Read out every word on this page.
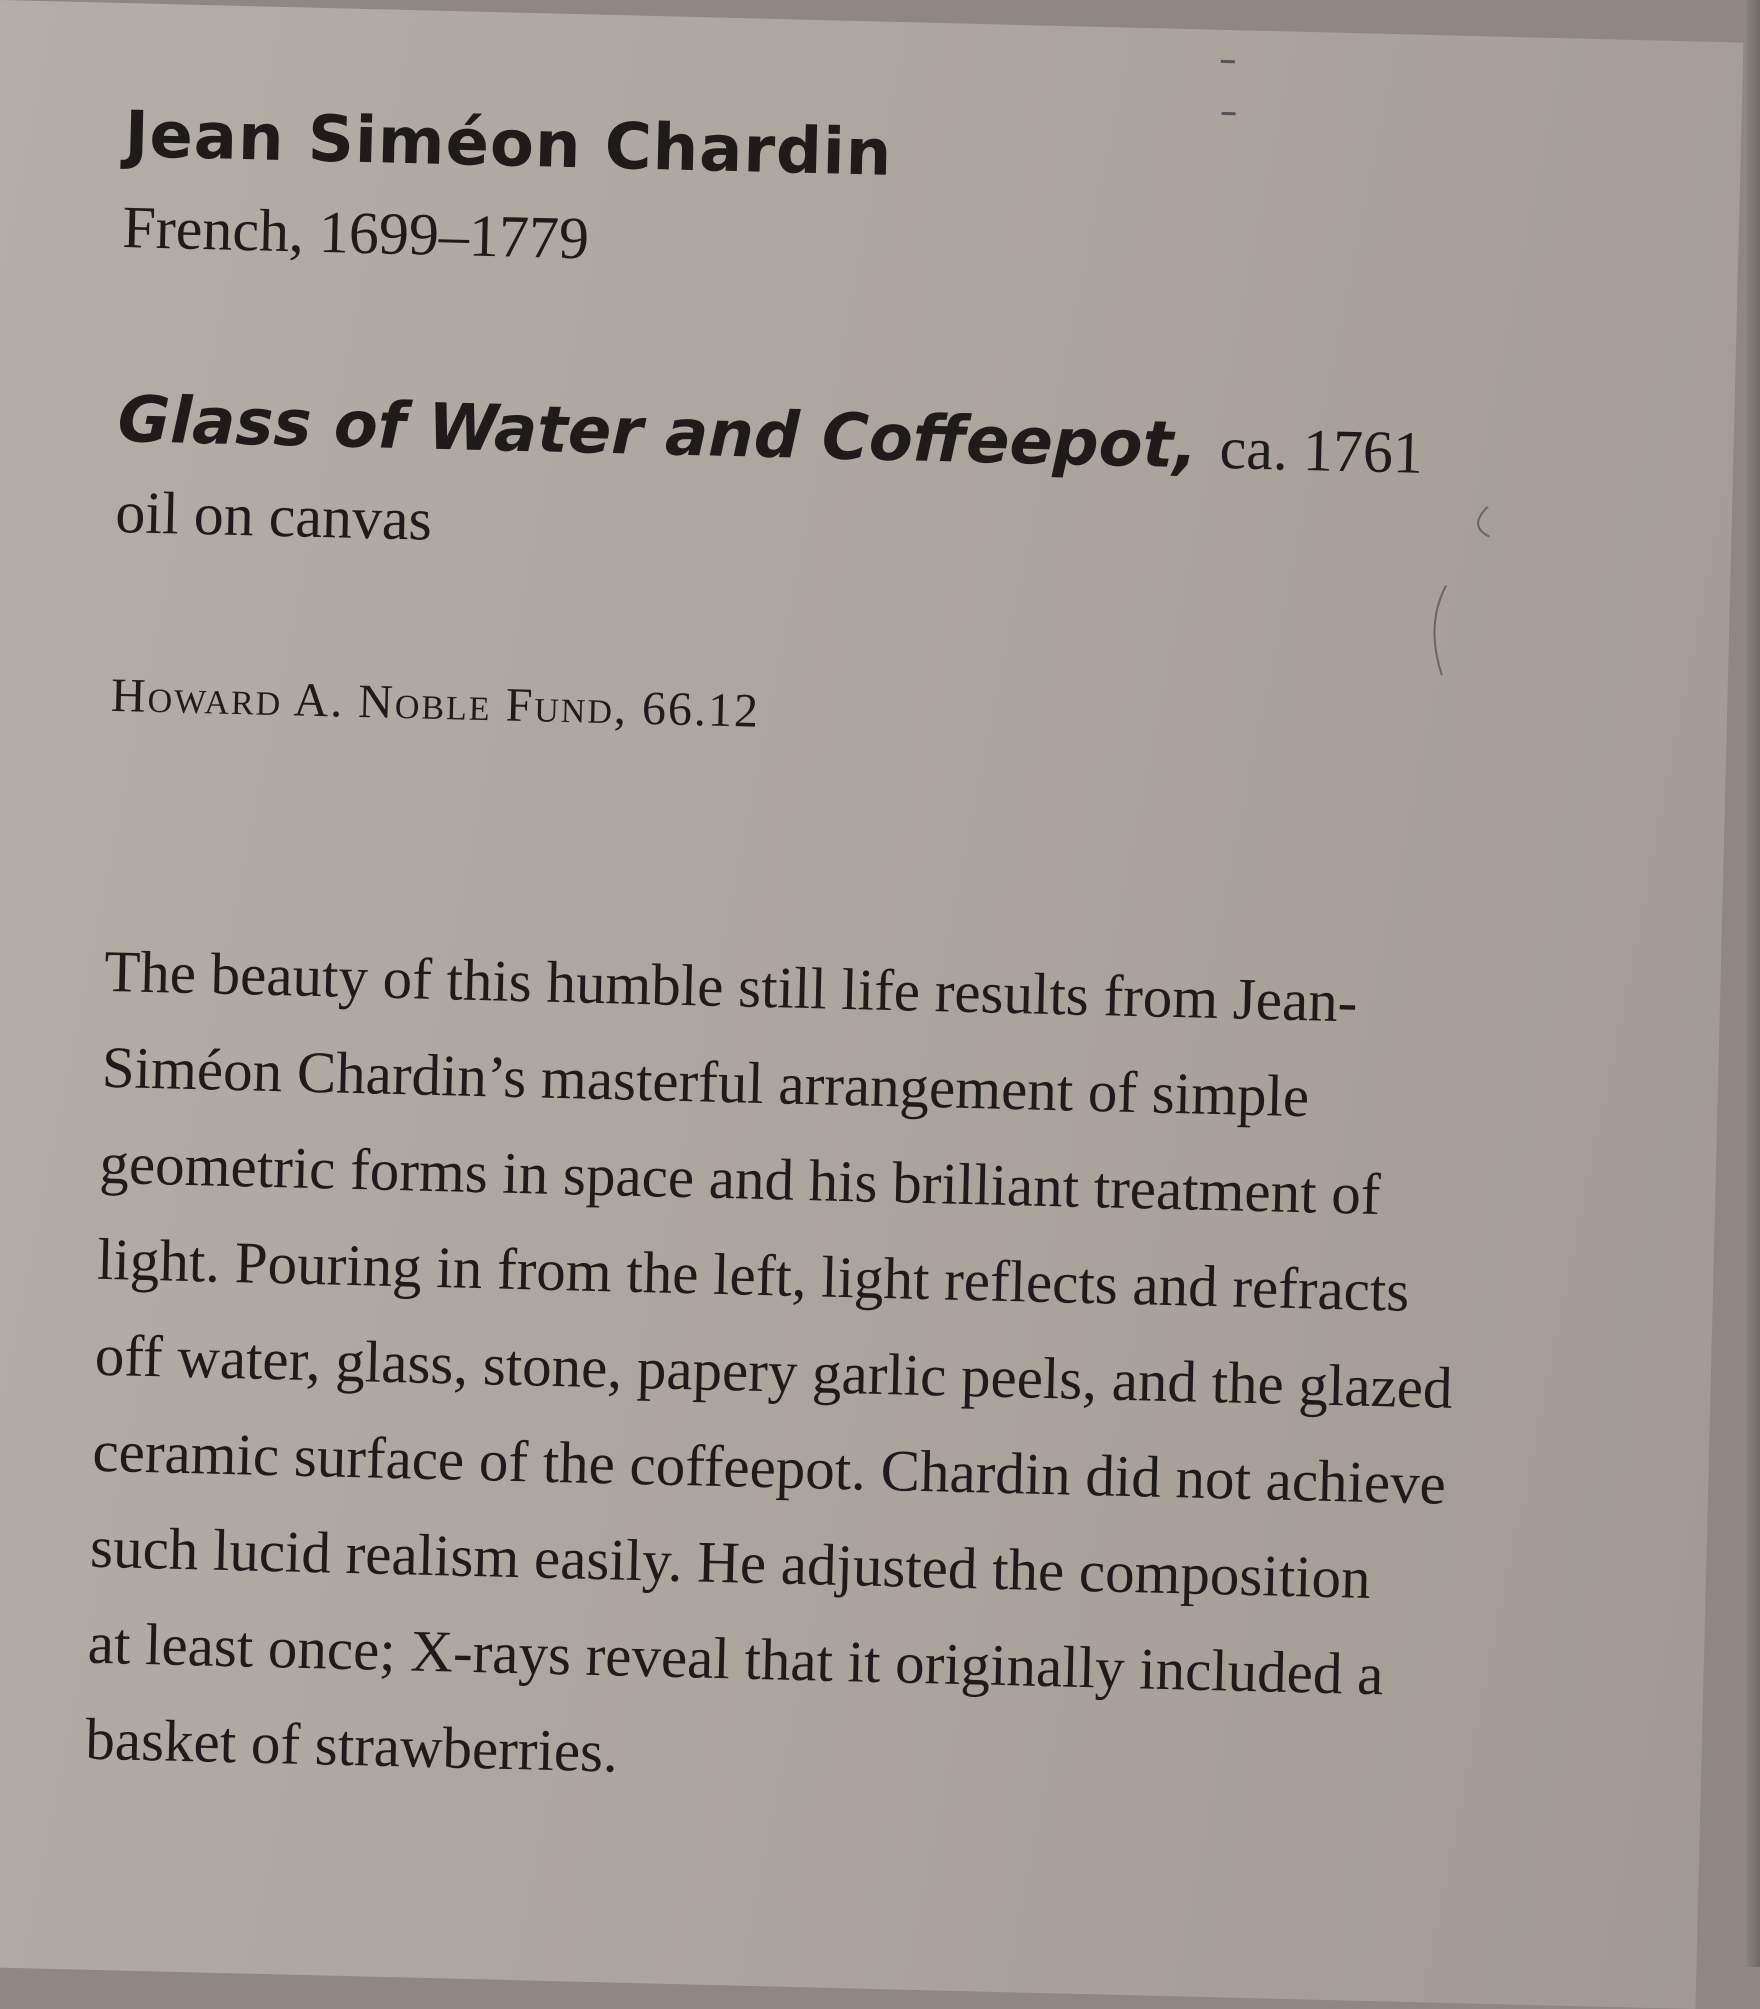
Jean Siméon Chardin
French, 1699–1779
Glass of Water and Coffeepot, ca. 1761
oil on canvas
Howard A. Noble Fund, 66.12

The beauty of this humble still life results from Jean-

Siméon Chardin’s masterful arrangement of simple

geometric forms in space and his brilliant treatment of

light. Pouring in from the left, light reflects and refracts

off water, glass, stone, papery garlic peels, and the glazed

ceramic surface of the coffeepot. Chardin did not achieve

such lucid realism easily. He adjusted the composition

at least once; X-rays reveal that it originally included a

basket of strawberries.
